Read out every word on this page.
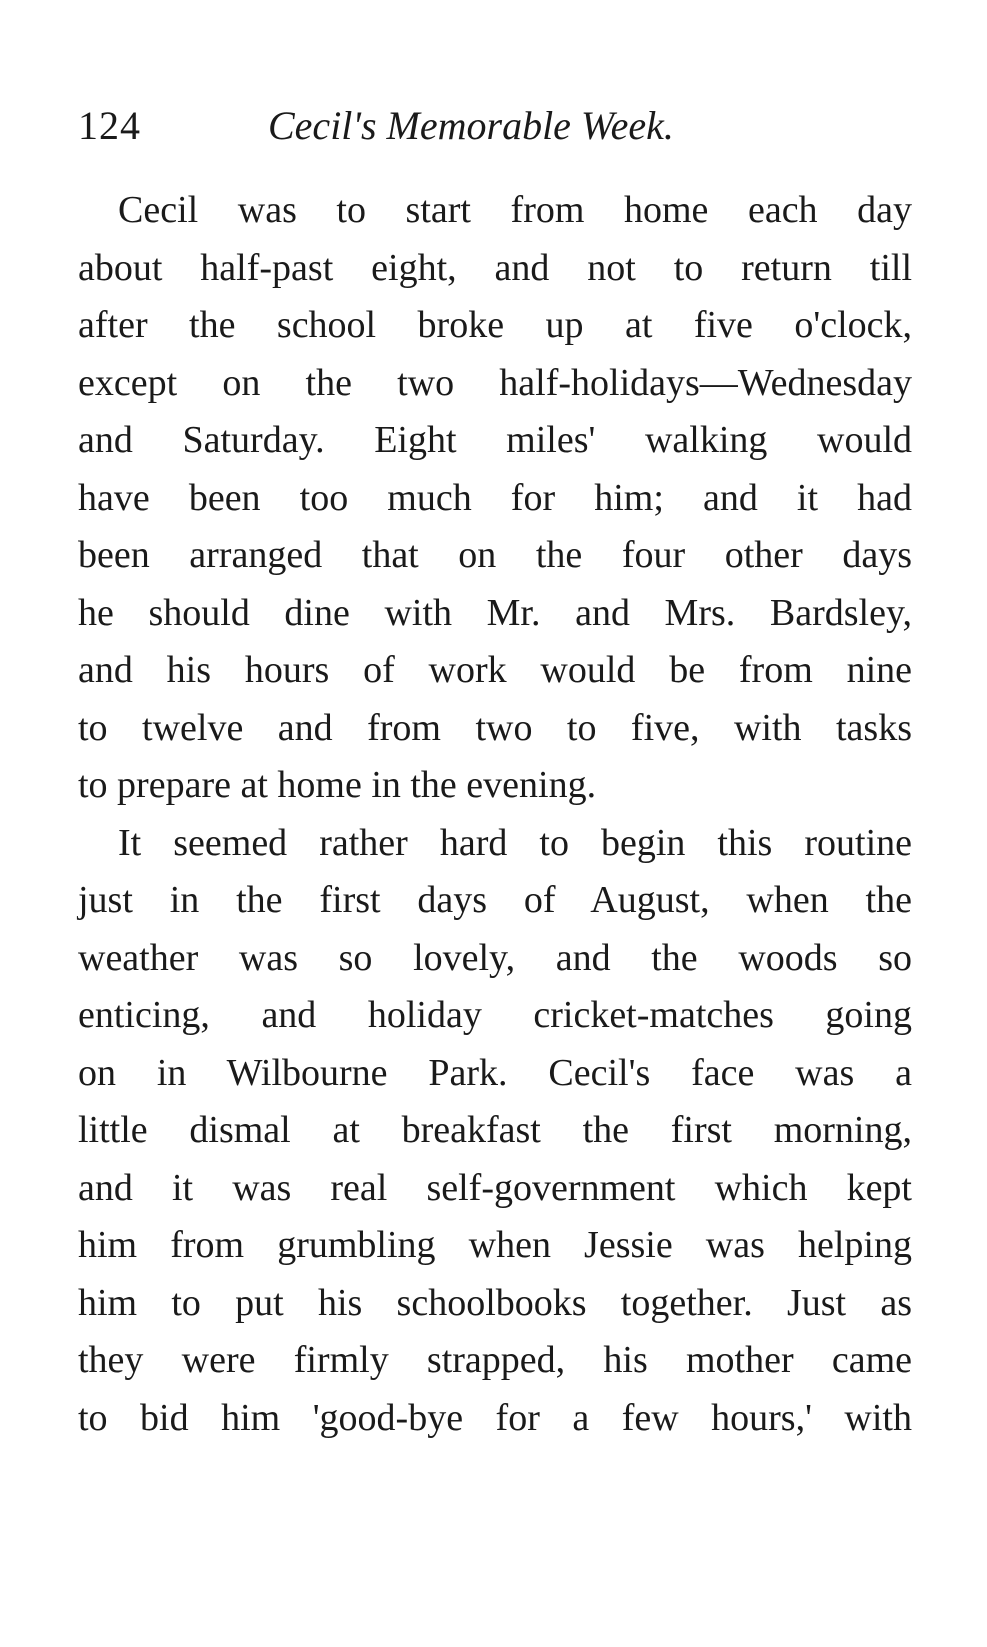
124	Cecil's Memorable Week.
Cecil was to start from home each day
about half-past eight, and not to return till
after the school broke up at five o'clock,
except on the two half-holidays—Wednesday
and Saturday. Eight miles' walking would
have been too much for him; and it had
been arranged that on the four other days
he should dine with Mr. and Mrs. Bardsley,
and his hours of work would be from nine
to twelve and from two to five, with tasks
to prepare at home in the evening.
It seemed rather hard to begin this routine
just in the first days of August, when the
weather was so lovely, and the woods so
enticing, and holiday cricket-matches going
on in Wilbourne Park. Cecil's face was a
little dismal at breakfast the first morning,
and it was real self-government which kept
him from grumbling when Jessie was helping
him to put his schoolbooks together. Just as
they were firmly strapped, his mother came
to bid him 'good-bye for a few hours,' with
